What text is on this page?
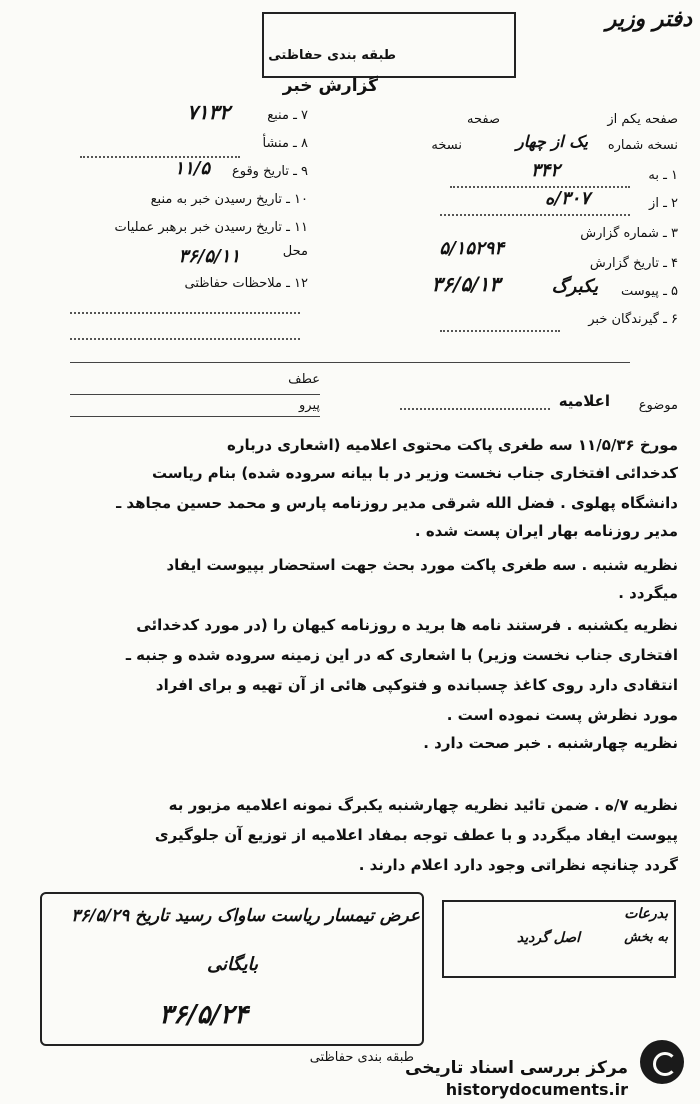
دفتر وزیر
طبقه بندی حفاظتی
گزارش خبر
صفحه یکم از
صفحه
نسخه شماره
یک از چهار
نسخه
۱ ـ به
۳۴۲
۲ ـ از
۳۰۷/ه
۳ ـ شماره گزارش
۵/۱۵۲۹۴
۴ ـ تاریخ گزارش
۳۶/۵/۱۳	۵ ـ پیوست
یکبرگ
۶ ـ گیرندگان خبر
۷ ـ منبع
۷۱۳۲
۸ ـ منشأ
۹ ـ تاریخ وقوع
۱۱/۵
۱۰ ـ تاریخ رسیدن خبر به منبع
۱۱ ـ تاریخ رسیدن خبر برهبر عملیات
محل
۳۶/۵/۱۱
۱۲ ـ ملاحظات حفاظتی
عطف
موضوع
اعلامیه
پیرو
مورخ ۱۱/۵/۳۶ سه طغری پاکت محتوی اعلامیه (اشعاری درباره
کدخدائی افتخاری جناب نخست وزیر در با بیانه سروده شده) بنام ریاست
دانشگاه پهلوی . فضل الله شرقی مدیر روزنامه پارس و محمد حسین مجاهد ـ
مدیر روزنامه بهار ایران پست شده .
نظریه شنبه . سه طغری پاکت مورد بحث جهت استحضار بپیوست ایفاد
میگردد .
نظریه یکشنبه . فرستند نامه ها برید ه روزنامه کیهان را (در مورد کدخدائی
افتخاری جناب نخست وزیر) با اشعاری که در این زمینه سروده شده و جنبه ـ
انتقادی دارد روی کاغذ چسبانده و فتوکپی هائی از آن تهیه و برای افراد
مورد نظرش پست نموده است .
نظریه چهارشنبه . خبر صحت دارد .
نظریه ۷/ه . ضمن تائید نظریه چهارشنبه یکبرگ نمونه اعلامیه مزبور به
پیوست ایفاد میگردد و با عطف توجه بمفاد اعلامیه از توزیع آن جلوگیری
گردد چنانچه نظراتی وجود دارد اعلام دارند .
بدرعات
به بخش
اصل گردید
عرض تیمسار ریاست ساواک رسید تاریخ ۳۶/۵/۲۹
بایگانی
۳۶/۵/۲۴
طبقه بندی حفاظتی
مرکز بررسی اسناد تاریخی
historydocuments.ir
